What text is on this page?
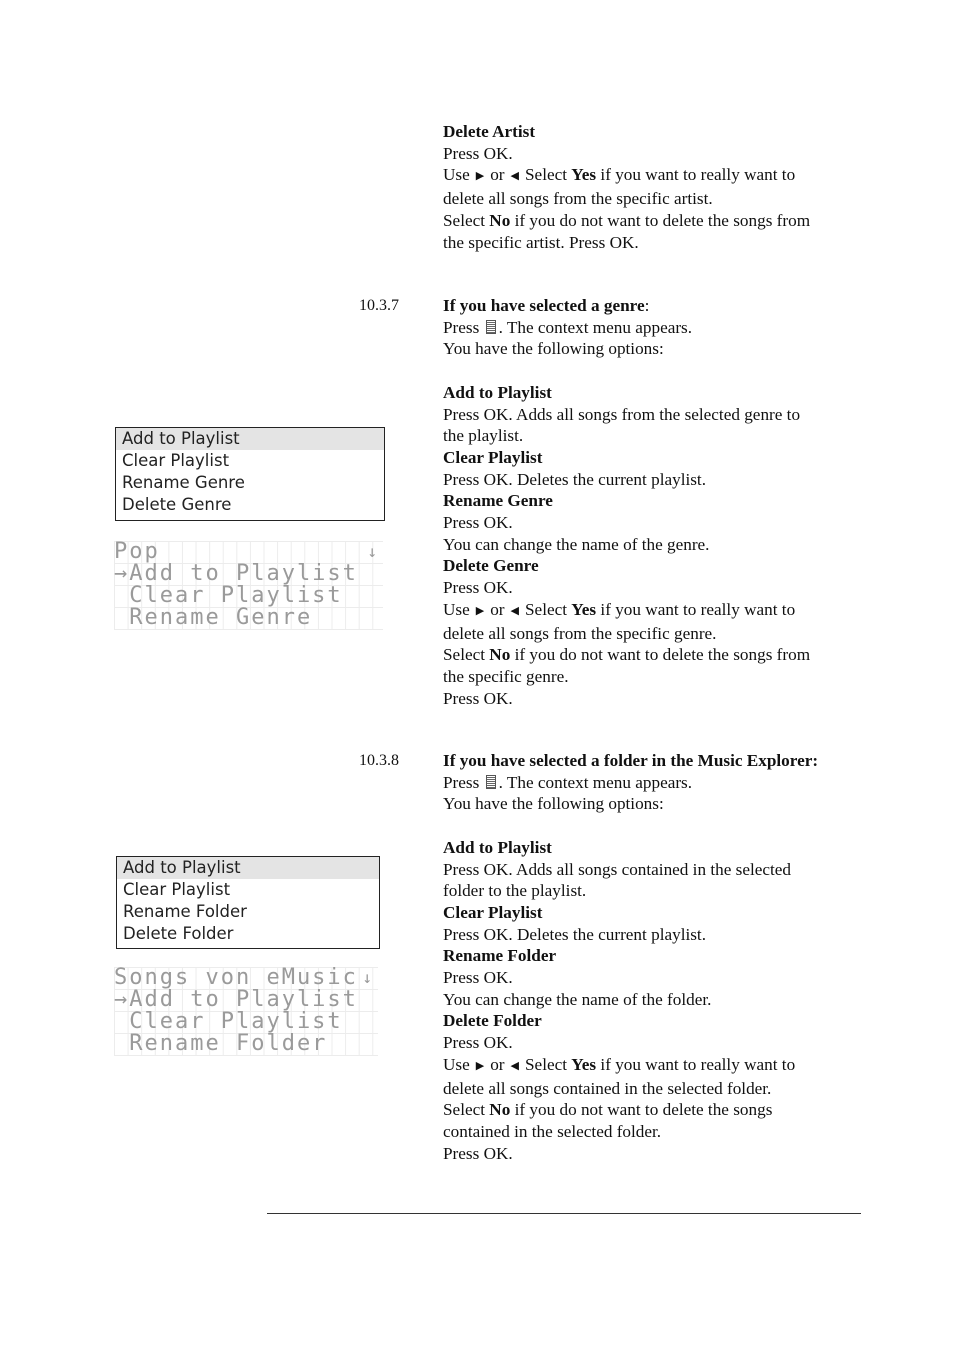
Delete Artist
Press OK.
Use ▶ or ◀ Select Yes if you want to really want to
delete all songs from the specific artist.
Select No if you do not want to delete the songs from
the specific artist. Press OK.
10.3.7	If you have selected a genre:
Press . The context menu appears.
You have the following options:

Add to Playlist
Press OK. Adds all songs from the selected genre to
the playlist.
Clear Playlist
Press OK. Deletes the current playlist.
Rename Genre
Press OK.
You can change the name of the genre.
Delete Genre
Press OK.
Use ▶ or ◀ Select Yes if you want to really want to
delete all songs from the specific genre.
Select No if you do not want to delete the songs from
the specific genre.
Press OK.
Add to Playlist
Clear Playlist
Rename Genre
Delete Genre
Pop	↓
→Add to Playlist
Clear Playlist
Rename Genre
10.3.8	If you have selected a folder in the Music Explorer:
Press . The context menu appears.
You have the following options:

Add to Playlist
Press OK. Adds all songs contained in the selected
folder to the playlist.
Clear Playlist
Press OK. Deletes the current playlist.
Rename Folder
Press OK.
You can change the name of the folder.
Delete Folder
Press OK.
Use ▶ or ◀ Select Yes if you want to really want to
delete all songs contained in the selected folder.
Select No if you do not want to delete the songs
contained in the selected folder.
Press OK.
Add to Playlist
Clear Playlist
Rename Folder
Delete Folder
Songs von eMusic ↓
→Add to Playlist
Clear Playlist
Rename Folder
